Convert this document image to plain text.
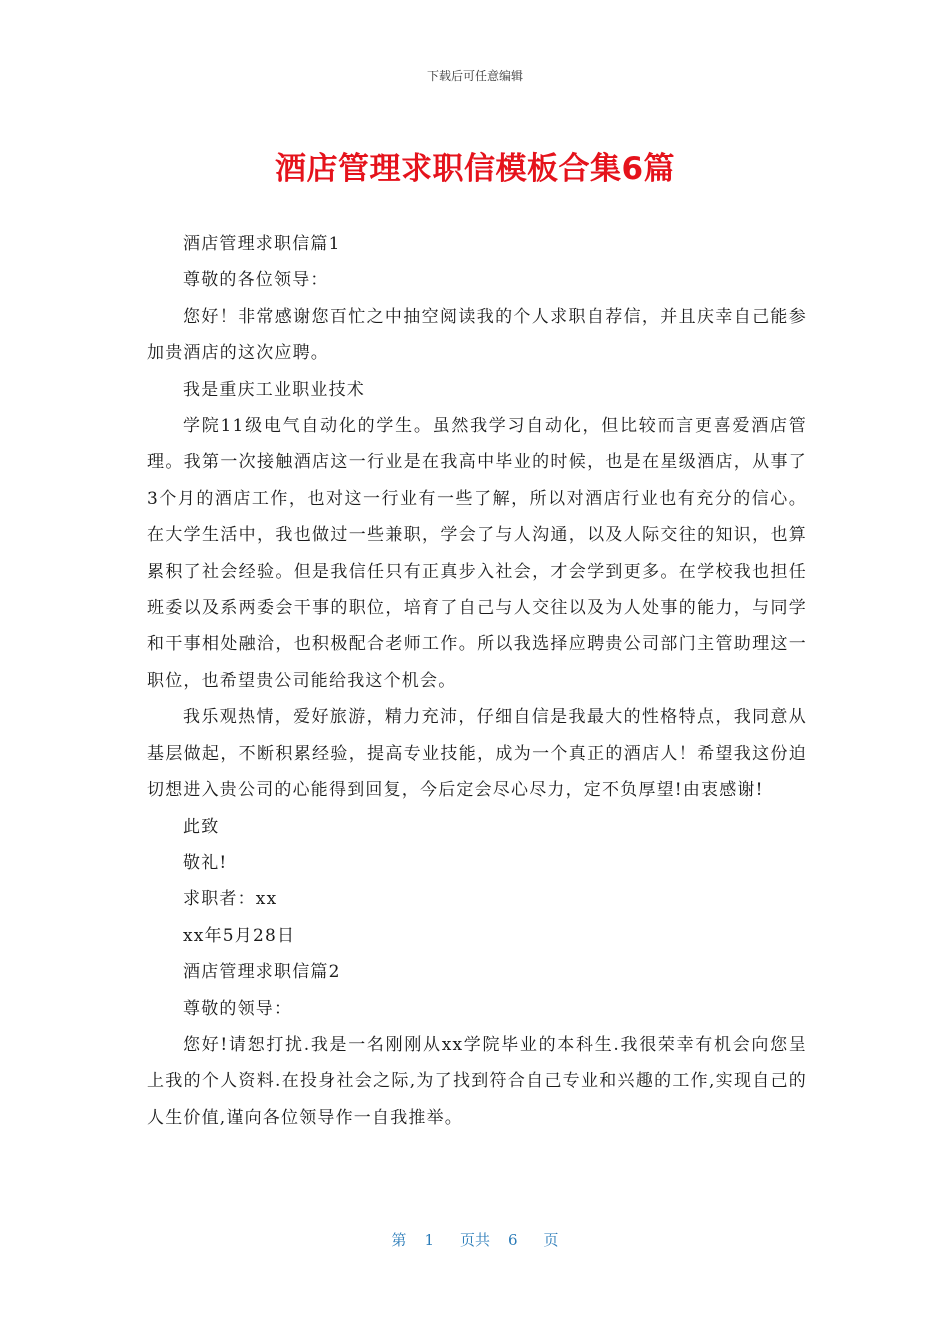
下载后可任意编辑
酒店管理求职信模板合集6篇

酒店管理求职信篇1

尊敬的各位领导：

您好！非常感谢您百忙之中抽空阅读我的个人求职自荐信，并且庆幸自己能参加贵酒店的这次应聘。

我是重庆工业职业技术

学院11级电气自动化的学生。虽然我学习自动化，但比较而言更喜爱酒店管理。我第一次接触酒店这一行业是在我高中毕业的时候，也是在星级酒店，从事了3个月的酒店工作，也对这一行业有一些了解，所以对酒店行业也有充分的信心。在大学生活中，我也做过一些兼职，学会了与人沟通，以及人际交往的知识，也算累积了社会经验。但是我信任只有正真步入社会，才会学到更多。在学校我也担任班委以及系两委会干事的职位，培育了自己与人交往以及为人处事的能力，与同学和干事相处融洽，也积极配合老师工作。所以我选择应聘贵公司部门主管助理这一职位，也希望贵公司能给我这个机会。

我乐观热情，爱好旅游，精力充沛，仔细自信是我最大的性格特点，我同意从基层做起，不断积累经验，提高专业技能，成为一个真正的酒店人！希望我这份迫切想进入贵公司的心能得到回复，今后定会尽心尽力，定不负厚望!由衷感谢!

此致

敬礼!

求职者：xx

xx年5月28日

酒店管理求职信篇2

尊敬的领导：

您好!请恕打扰.我是一名刚刚从xx学院毕业的本科生.我很荣幸有机会向您呈上我的个人资料.在投身社会之际,为了找到符合自己专业和兴趣的工作,实现自己的人生价值,谨向各位领导作一自我推举。

第 1 页共 6 页
